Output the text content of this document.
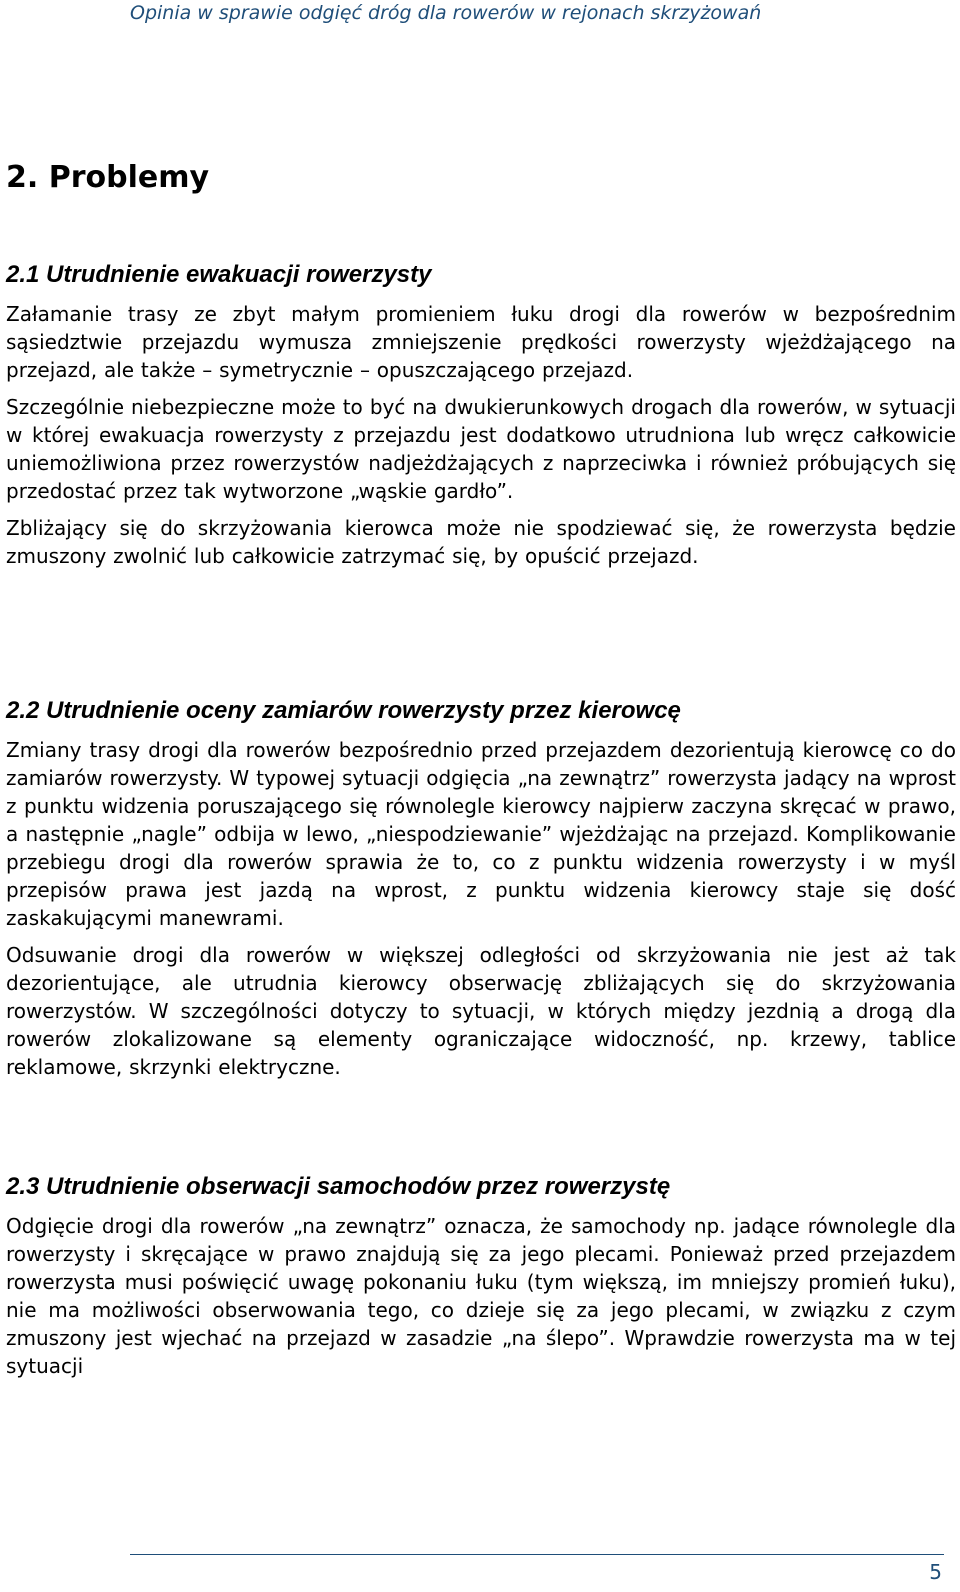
Opinia w sprawie odgięć dróg dla rowerów w rejonach skrzyżowań
2. Problemy
2.1 Utrudnienie ewakuacji rowerzysty

Załamanie trasy ze zbyt małym promieniem łuku drogi dla rowerów w bezpośrednim sąsiedztwie przejazdu wymusza zmniejszenie prędkości rowerzysty wjeżdżającego na przejazd, ale także – symetrycznie – opuszczającego przejazd.

Szczególnie niebezpieczne może to być na dwukierunkowych drogach dla rowerów, w sytuacji w której ewakuacja rowerzysty z przejazdu jest dodatkowo utrudniona lub wręcz całkowicie uniemożliwiona przez rowerzystów nadjeżdżających z naprzeciwka i również próbujących się przedostać przez tak wytworzone „wąskie gardło”.

Zbliżający się do skrzyżowania kierowca może nie spodziewać się, że rowerzysta będzie zmuszony zwolnić lub całkowicie zatrzymać się, by opuścić przejazd.

2.2 Utrudnienie oceny zamiarów rowerzysty przez kierowcę

Zmiany trasy drogi dla rowerów bezpośrednio przed przejazdem dezorientują kierowcę co do zamiarów rowerzysty. W typowej sytuacji odgięcia „na zewnątrz” rowerzysta jadący na wprost z punktu widzenia poruszającego się równolegle kierowcy najpierw zaczyna skręcać w prawo, a następnie „nagle” odbija w lewo, „niespodziewanie” wjeżdżając na przejazd. Komplikowanie przebiegu drogi dla rowerów sprawia że to, co z punktu widzenia rowerzysty i w myśl przepisów prawa jest jazdą na wprost, z punktu widzenia kierowcy staje się dość zaskakującymi manewrami.

Odsuwanie drogi dla rowerów w większej odległości od skrzyżowania nie jest aż tak dezorientujące, ale utrudnia kierowcy obserwację zbliżających się do skrzyżowania rowerzystów. W szczególności dotyczy to sytuacji, w których między jezdnią a drogą dla rowerów zlokalizowane są elementy ograniczające widoczność, np. krzewy, tablice reklamowe, skrzynki elektryczne.

2.3 Utrudnienie obserwacji samochodów przez rowerzystę

Odgięcie drogi dla rowerów „na zewnątrz” oznacza, że samochody np. jadące równolegle dla rowerzysty i skręcające w prawo znajdują się za jego plecami. Ponieważ przed przejazdem rowerzysta musi poświęcić uwagę pokonaniu łuku (tym większą, im mniejszy promień łuku), nie ma możliwości obserwowania tego, co dzieje się za jego plecami, w związku z czym zmuszony jest wjechać na przejazd w zasadzie „na ślepo”. Wprawdzie rowerzysta ma w tej sytuacji

5
